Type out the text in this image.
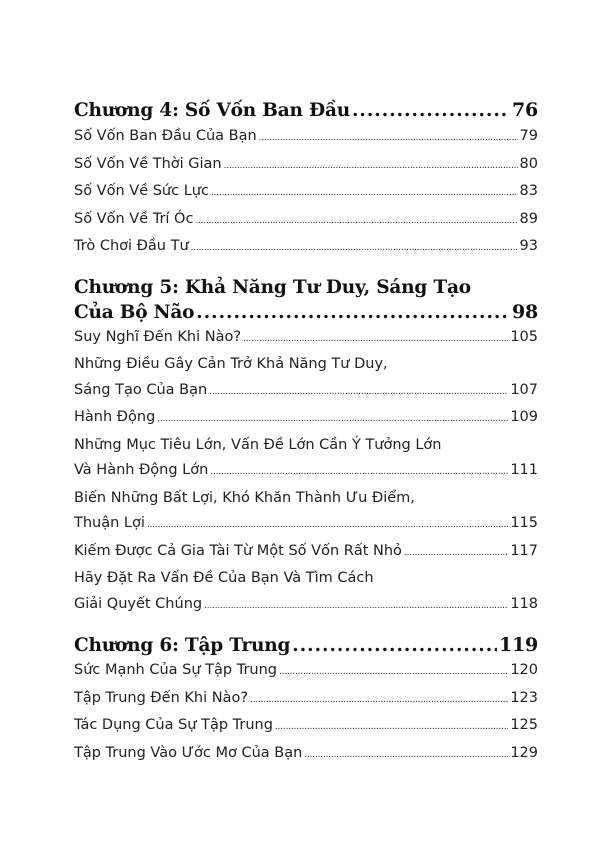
Chương 4: Số Vốn Ban Đầu .....	76
Số Vốn Ban Đầu Của Bạn .....	79
Số Vốn Về Thời Gian .....	80
Số Vốn Về Sức Lực .....	83
Số Vốn Về Trí Óc .....	89
Trò Chơi Đầu Tư .....	93
Chương 5: Khả Năng Tư Duy, Sáng Tạo
Của Bộ Não .....	98
Suy Nghĩ Đến Khi Nào? .....	105
Những Điều Gây Cản Trở Khả Năng Tư Duy,
Sáng Tạo Của Bạn .....	107
Hành Động .....	109
Những Mục Tiêu Lớn, Vấn Đề Lớn Cần Ý Tưởng Lớn
Và Hành Động Lớn .....	111
Biến Những Bất Lợi, Khó Khăn Thành Ưu Điểm,
Thuận Lợi .....	115
Kiếm Được Cả Gia Tài Từ Một Số Vốn Rất Nhỏ .....	117
Hãy Đặt Ra Vấn Đề Của Bạn Và Tìm Cách
Giải Quyết Chúng .....	118
Chương 6: Tập Trung .....	119
Sức Mạnh Của Sự Tập Trung .....	120
Tập Trung Đến Khi Nào? .....	123
Tác Dụng Của Sự Tập Trung .....	125
Tập Trung Vào Ước Mơ Của Bạn .....	129
